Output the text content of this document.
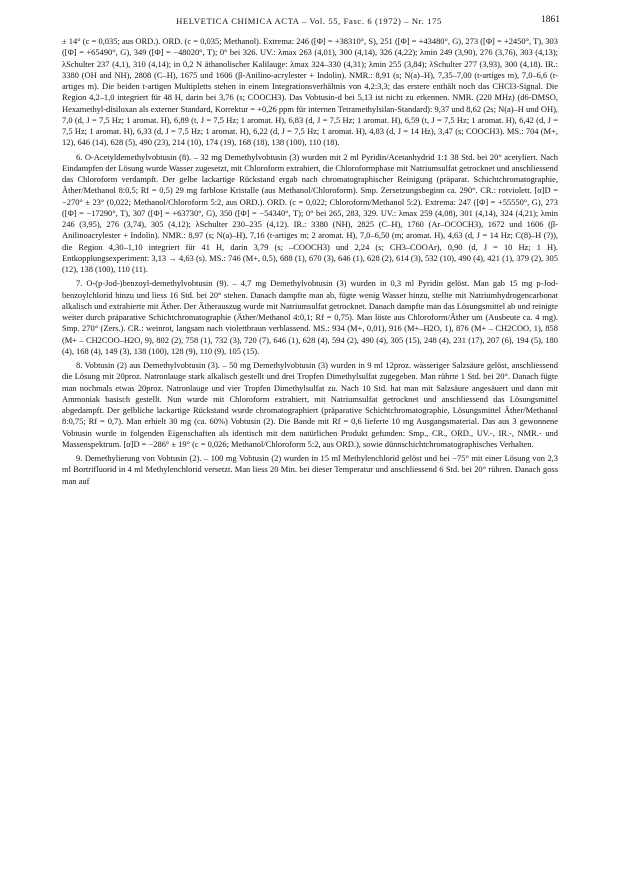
HELVETICA CHIMICA ACTA – Vol. 55, Fasc. 6 (1972) – Nr. 175	1861

± 14° (c = 0,035; aus ORD.). ORD. (c = 0,035; Methanol). Extrema: 246 ([Φ] = +38310°, S), 251 ([Φ] = +43480°, G), 273 ([Φ] = +2450°, T), 303 ([Φ] = +65490°, G), 349 ([Φ] = −48020°, T); 0° bei 326. UV.: λmax 263 (4,01), 300 (4,14), 326 (4,22); λmin 249 (3,90), 276 (3,76), 303 (4,13); λSchulter 237 (4,1), 310 (4,14); in 0,2 N äthanolischer Kalilauge: λmax 324–330 (4,31); λmin 255 (3,84); λSchulter 277 (3,93), 300 (4,18). IR.: 3380 (OH and NH), 2808 (C–H), 1675 und 1606 (β-Anilino-acrylester + Indolin). NMR.: 8,91 (s; N(a)–H), 7,35–7,00 (t-artiges m), 7,0–6,6 (t-artiges m). Die beiden t-artigen Multipletts stehen in einem Integrationsverhältnis von 4,2:3,3; das erstere enthält noch das CHCl3-Signal. Die Region 4,2–1,0 integriert für 48 H, darin bei 3,76 (s; COOCH3). Das Vobtusin-d bei 5,13 ist nicht zu erkennen. NMR. (220 MHz) (d6-DMSO, Hexamethyl-disiloxan als externer Standard, Korrektur = +0,26 ppm für internen Tetramethylsilan-Standard): 9,37 und 8,62 (2s; N(a)–H und OH), 7,0 (d, J = 7,5 Hz; 1 aromat. H), 6,89 (t, J = 7,5 Hz; 1 aromat. H), 6,83 (d, J = 7,5 Hz; 1 aromat. H), 6,59 (t, J = 7,5 Hz; 1 aromat. H), 6,42 (d, J = 7,5 Hz; 1 aromat. H), 6,33 (d, J = 7,5 Hz; 1 aromat. H), 6,22 (d, J = 7,5 Hz; 1 aromat. H), 4,83 (d, J = 14 Hz), 3,47 (s; COOCH3). MS.: 704 (M+, 12), 646 (14), 628 (5), 490 (23), 214 (10), 174 (19), 168 (18), 138 (100), 110 (18).

6. O-Acetyldemethylvobtusin (8). – 32 mg Demethylvobtusin (3) wurden mit 2 ml Pyridin/Acetanhydrid 1:1 38 Std. bei 20° acetyliert. Nach Eindampfen der Lösung wurde Wasser zugesetzt, mit Chloroform extrahiert, die Chloroformphase mit Natriumsulfat getrocknet und anschliessend das Chloroform verdampft. Der gelbe lackartige Rückstand ergab nach chromatographischer Reinigung (präparat. Schichtchromatographie, Äther/Methanol 8:0,5; Rf = 0,5) 29 mg farblose Kristalle (aus Methanol/Chloroform). Smp. Zersetzungsbeginn ca. 290°. CR.: rotviolett. [α]D = −270° ± 23° (0,022; Methanol/Chloroform 5:2, aus ORD.). ORD. (c = 0,022; Chloroform/Methanol 5:2). Extrema: 247 ([Φ] = +55550°, G), 273 ([Φ] = −17290°, T), 307 ([Φ] = +63730°, G), 350 ([Φ] = −54340°, T); 0° bei 265, 283, 329. UV.: λmax 259 (4,08), 301 (4,14), 324 (4,21); λmin 246 (3,95), 276 (3,74), 305 (4,12); λSchulter 230–235 (4,12). IR.: 3380 (NH), 2825 (C–H), 1760 (Ar–OCOCH3), 1672 und 1606 (β-Anilinoacrylester + Indolin). NMR.: 8,97 (s; N(a)–H), 7,16 (t-artiges m; 2 aromat. H), 7,0–6,50 (m; aromat. H), 4,63 (d, J = 14 Hz; C(8)–H (?)), die Region 4,30–1,10 integriert für 41 H, darin 3,79 (s; –COOCH3) und 2,24 (s; CH3–COOAr), 0,90 (d, J = 10 Hz; 1 H). Entkopplungsexperiment: 3,13 → 4,63 (s). MS.: 746 (M+, 0,5), 688 (1), 670 (3), 646 (1), 628 (2), 614 (3), 532 (10), 490 (4), 421 (1), 379 (2), 305 (12), 138 (100), 110 (11).

7. O-(p-Jod-)benzoyl-demethylvobtusin (9). – 4,7 mg Demethylvobtusin (3) wurden in 0,3 ml Pyridin gelöst. Man gab 15 mg p-Jod-benzoylchlorid hinzu und liess 16 Std. bei 20° stehen. Danach dampfte man ab, fügte wenig Wasser hinzu, stellte mit Natriumhydrogencarbonat alkalisch und extrahierte mit Äther. Der Ätherauszug wurde mit Natriumsulfat getrocknet. Danach dampfte man das Lösungsmittel ab und reinigte weiter durch präparative Schichtchromatographie (Äther/Methanol 4:0,1; Rf = 0,75). Man löste aus Chloroform/Äther um (Ausbeute ca. 4 mg). Smp. 270° (Zers.). CR.: weinrot, langsam nach violettbraun verblassend. MS.: 934 (M+, 0,01), 916 (M+–H2O, 1), 876 (M+ – CH2COO, 1), 858 (M+ – CH2COO–H2O, 9), 802 (2), 758 (1), 732 (3), 720 (7), 646 (1), 628 (4), 594 (2), 490 (4), 305 (15), 248 (4), 231 (17), 207 (6), 194 (5), 180 (4), 168 (4), 149 (3), 138 (100), 128 (9), 110 (9), 105 (15).

8. Vobtusin (2) aus Demethylvobtusin (3). – 50 mg Demethylvobtusin (3) wurden in 9 ml 12proz. wässeriger Salzsäure gelöst, anschliessend die Lösung mit 20proz. Natronlauge stark alkalisch gestellt und drei Tropfen Dimethylsulfat zugegeben. Man rührte 1 Std. bei 20°. Danach fügte man nochmals etwas 20proz. Natronlauge und vier Tropfen Dimethylsulfat zu. Nach 10 Std. hat man mit Salzsäure angesäuert und dann mit Ammoniak basisch gestellt. Nun wurde mit Chloroform extrahiert, mit Natriumsulfat getrocknet und anschliessend das Lösungsmittel abgedampft. Der gelbliche lackartige Rückstand wurde chromatographiert (präparative Schichtchromatographie, Lösungsmittel Äther/Methanol 8:0,75; Rf = 0,7). Man erhielt 30 mg (ca. 60%) Vobtusin (2). Die Bande mit Rf = 0,6 lieferte 10 mg Ausgangsmaterial. Das aus 3 gewonnene Vobtusin wurde in folgenden Eigenschaften als identisch mit dem natürlichen Produkt gefunden: Smp., CR., ORD., UV.-, IR.-, NMR.- und Massenspektrum. [α]D = −286° ± 19° (c = 0,026; Methanol/Chloroform 5:2, aus ORD.), sowie dünnschichtchromatographisches Verhalten.

9. Demethylierung von Vobtusin (2). – 100 mg Vobtusin (2) wurden in 15 ml Methylenchlorid gelöst und bei −75° mit einer Lösung von 2,3 ml Bortrifluorid in 4 ml Methylenchlorid versetzt. Man liess 20 Min. bei dieser Temperatur und anschliessend 6 Std. bei 20° rühren. Danach goss man auf
